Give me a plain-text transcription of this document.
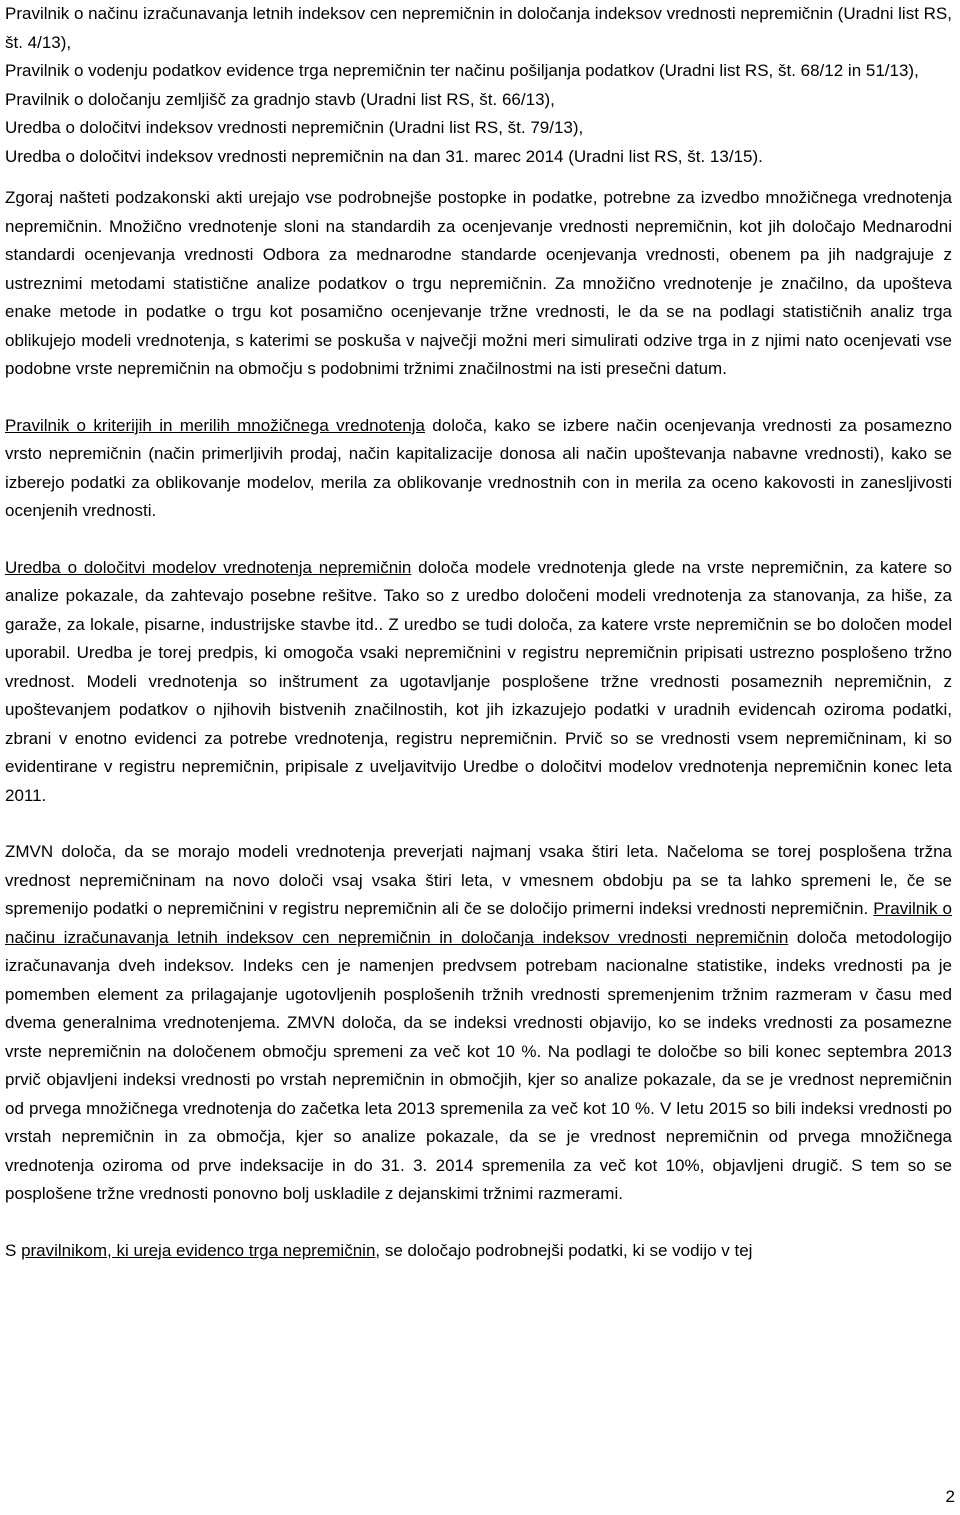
Pravilnik o načinu izračunavanja letnih indeksov cen nepremičnin in določanja indeksov vrednosti nepremičnin (Uradni list RS, št. 4/13),
Pravilnik o vodenju podatkov evidence trga nepremičnin ter načinu pošiljanja podatkov (Uradni list RS, št. 68/12 in 51/13),
Pravilnik o določanju zemljišč za gradnjo stavb (Uradni list RS, št. 66/13),
Uredba o določitvi indeksov vrednosti nepremičnin (Uradni list RS, št. 79/13),
Uredba o določitvi indeksov vrednosti nepremičnin na dan 31. marec 2014 (Uradni list RS, št. 13/15).

Zgoraj našteti podzakonski akti urejajo vse podrobnejše postopke in podatke, potrebne za izvedbo množičnega vrednotenja nepremičnin. Množično vrednotenje sloni na standardih za ocenjevanje vrednosti nepremičnin, kot jih določajo Mednarodni standardi ocenjevanja vrednosti Odbora za mednarodne standarde ocenjevanja vrednosti, obenem pa jih nadgrajuje z ustreznimi metodami statistične analize podatkov o trgu nepremičnin. Za množično vrednotenje je značilno, da upošteva enake metode in podatke o trgu kot posamično ocenjevanje tržne vrednosti, le da se na podlagi statističnih analiz trga oblikujejo modeli vrednotenja, s katerimi se poskuša v največji možni meri simulirati odzive trga in z njimi nato ocenjevati vse podobne vrste nepremičnin na območju s podobnimi tržnimi značilnostmi na isti presečni datum.

Pravilnik o kriterijih in merilih množičnega vrednotenja določa, kako se izbere način ocenjevanja vrednosti za posamezno vrsto nepremičnin (način primerljivih prodaj, način kapitalizacije donosa ali način upoštevanja nabavne vrednosti), kako se izberejo podatki za oblikovanje modelov, merila za oblikovanje vrednostnih con in merila za oceno kakovosti in zanesljivosti ocenjenih vrednosti.

Uredba o določitvi modelov vrednotenja nepremičnin določa modele vrednotenja glede na vrste nepremičnin, za katere so analize pokazale, da zahtevajo posebne rešitve. Tako so z uredbo določeni modeli vrednotenja za stanovanja, za hiše, za garaže, za lokale, pisarne, industrijske stavbe itd.. Z uredbo se tudi določa, za katere vrste nepremičnin se bo določen model uporabil. Uredba je torej predpis, ki omogoča vsaki nepremičnini v registru nepremičnin pripisati ustrezno posplošeno tržno vrednost. Modeli vrednotenja so inštrument za ugotavljanje posplošene tržne vrednosti posameznih nepremičnin, z upoštevanjem podatkov o njihovih bistvenih značilnostih, kot jih izkazujejo podatki v uradnih evidencah oziroma podatki, zbrani v enotno evidenci za potrebe vrednotenja, registru nepremičnin. Prvič so se vrednosti vsem nepremičninam, ki so evidentirane v registru nepremičnin, pripisale z uveljavitvijo Uredbe o določitvi modelov vrednotenja nepremičnin konec leta 2011.

ZMVN določa, da se morajo modeli vrednotenja preverjati najmanj vsaka štiri leta. Načeloma se torej posplošena tržna vrednost nepremičninam na novo določi vsaj vsaka štiri leta, v vmesnem obdobju pa se ta lahko spremeni le, če se spremenijo podatki o nepremičnini v registru nepremičnin ali če se določijo primerni indeksi vrednosti nepremičnin. Pravilnik o načinu izračunavanja letnih indeksov cen nepremičnin in določanja indeksov vrednosti nepremičnin določa metodologijo izračunavanja dveh indeksov. Indeks cen je namenjen predvsem potrebam nacionalne statistike, indeks vrednosti pa je pomemben element za prilagajanje ugotovljenih posplošenih tržnih vrednosti spremenjenim tržnim razmeram v času med dvema generalnima vrednotenjema. ZMVN določa, da se indeksi vrednosti objavijo, ko se indeks vrednosti za posamezne vrste nepremičnin na določenem območju spremeni za več kot 10 %. Na podlagi te določbe so bili konec septembra 2013 prvič objavljeni indeksi vrednosti po vrstah nepremičnin in območjih, kjer so analize pokazale, da se je vrednost nepremičnin od prvega množičnega vrednotenja do začetka leta 2013 spremenila za več kot 10 %. V letu 2015 so bili indeksi vrednosti po vrstah nepremičnin in za območja, kjer so analize pokazale, da se je vrednost nepremičnin od prvega množičnega vrednotenja oziroma od prve indeksacije in do 31. 3. 2014 spremenila za več kot 10%, objavljeni drugič. S tem so se posplošene tržne vrednosti ponovno bolj uskladile z dejanskimi tržnimi razmerami.

S pravilnikom, ki ureja evidenco trga nepremičnin, se določajo podrobnejši podatki, ki se vodijo v tej

2
